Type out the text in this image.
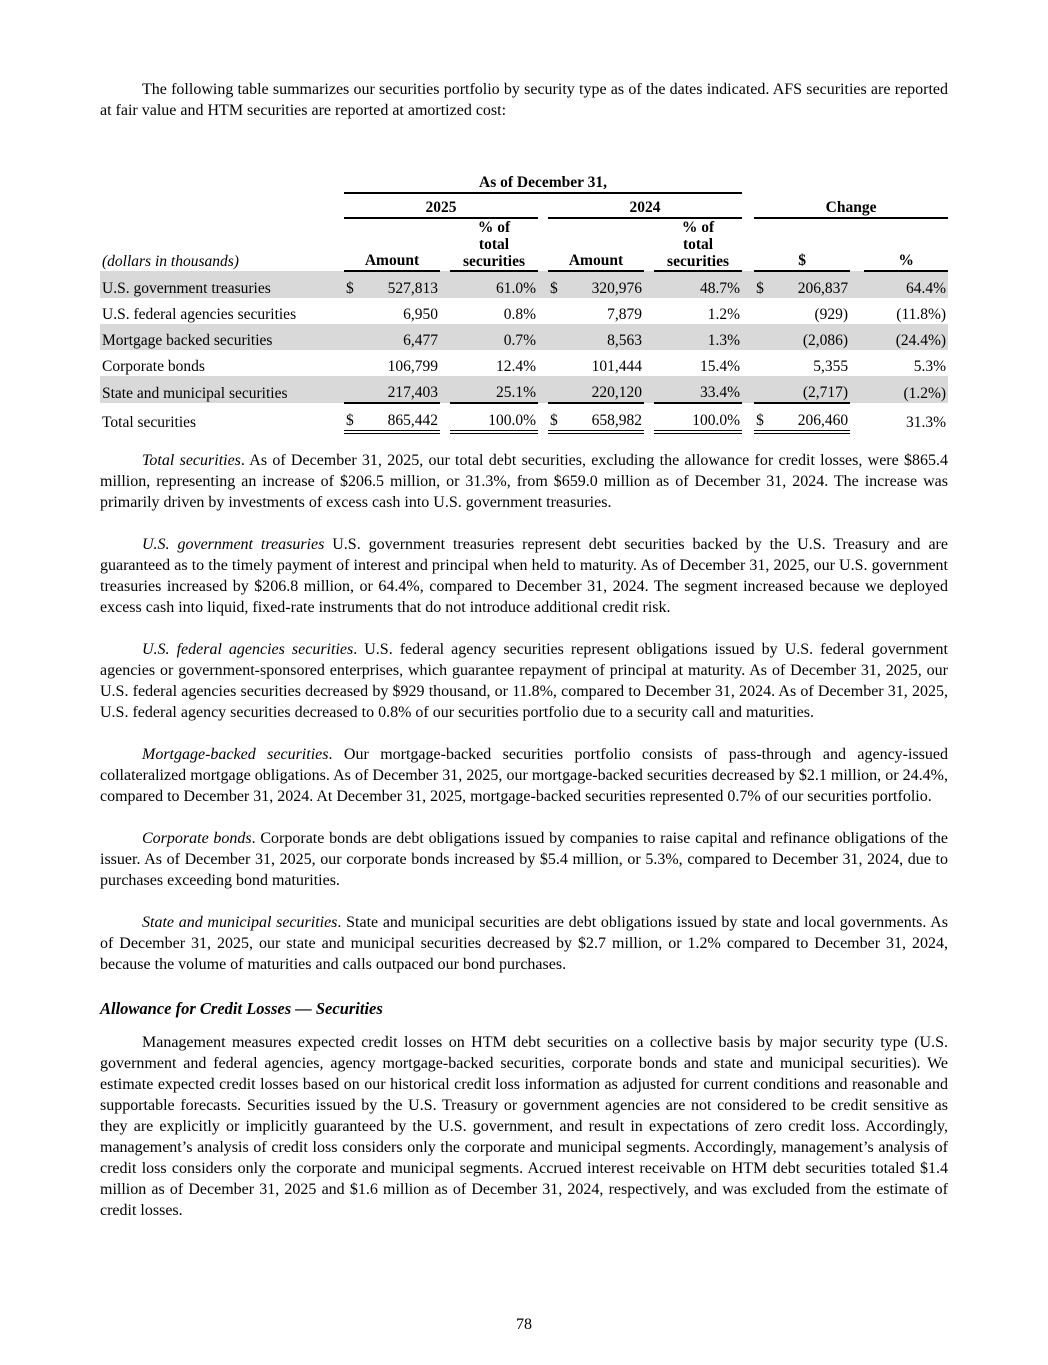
The following table summarizes our securities portfolio by security type as of the dates indicated. AFS securities are reported at fair value and HTM securities are reported at amortized cost:

		As of December 31,													
		2025					2024					Change			
(dollars in thousands)		Amount			% of total securities		Amount			% of total securities		$			%
U.S. government treasuries		$	527,813		61.0%		$	320,976		48.7%		$	206,837		64.4%
U.S. federal agencies securities			6,950		0.8%			7,879		1.2%			(929)		(11.8%)
Mortgage backed securities			6,477		0.7%			8,563		1.3%			(2,086)		(24.4%)
Corporate bonds			106,799		12.4%			101,444		15.4%			5,355		5.3%
State and municipal securities			217,403		25.1%			220,120		33.4%			(2,717)		(1.2%)
Total securities		$	865,442		100.0%		$	658,982		100.0%		$	206,460		31.3%

Total securities. As of December 31, 2025, our total debt securities, excluding the allowance for credit losses, were $865.4 million, representing an increase of $206.5 million, or 31.3%, from $659.0 million as of December 31, 2024. The increase was primarily driven by investments of excess cash into U.S. government treasuries.

U.S. government treasuries U.S. government treasuries represent debt securities backed by the U.S. Treasury and are guaranteed as to the timely payment of interest and principal when held to maturity. As of December 31, 2025, our U.S. government treasuries increased by $206.8 million, or 64.4%, compared to December 31, 2024. The segment increased because we deployed excess cash into liquid, fixed-rate instruments that do not introduce additional credit risk.

U.S. federal agencies securities. U.S. federal agency securities represent obligations issued by U.S. federal government agencies or government-sponsored enterprises, which guarantee repayment of principal at maturity. As of December 31, 2025, our U.S. federal agencies securities decreased by $929 thousand, or 11.8%, compared to December 31, 2024. As of December 31, 2025, U.S. federal agency securities decreased to 0.8% of our securities portfolio due to a security call and maturities.

Mortgage-backed securities. Our mortgage-backed securities portfolio consists of pass-through and agency-issued collateralized mortgage obligations. As of December 31, 2025, our mortgage-backed securities decreased by $2.1 million, or 24.4%, compared to December 31, 2024. At December 31, 2025, mortgage-backed securities represented 0.7% of our securities portfolio.

Corporate bonds. Corporate bonds are debt obligations issued by companies to raise capital and refinance obligations of the issuer. As of December 31, 2025, our corporate bonds increased by $5.4 million, or 5.3%, compared to December 31, 2024, due to purchases exceeding bond maturities.

State and municipal securities. State and municipal securities are debt obligations issued by state and local governments. As of December 31, 2025, our state and municipal securities decreased by $2.7 million, or 1.2% compared to December 31, 2024, because the volume of maturities and calls outpaced our bond purchases.

Allowance for Credit Losses — Securities

Management measures expected credit losses on HTM debt securities on a collective basis by major security type (U.S. government and federal agencies, agency mortgage-backed securities, corporate bonds and state and municipal securities). We estimate expected credit losses based on our historical credit loss information as adjusted for current conditions and reasonable and supportable forecasts. Securities issued by the U.S. Treasury or government agencies are not considered to be credit sensitive as they are explicitly or implicitly guaranteed by the U.S. government, and result in expectations of zero credit loss. Accordingly, management’s analysis of credit loss considers only the corporate and municipal segments. Accordingly, management’s analysis of credit loss considers only the corporate and municipal segments. Accrued interest receivable on HTM debt securities totaled $1.4 million as of December 31, 2025 and $1.6 million as of December 31, 2024, respectively, and was excluded from the estimate of credit losses.

78
